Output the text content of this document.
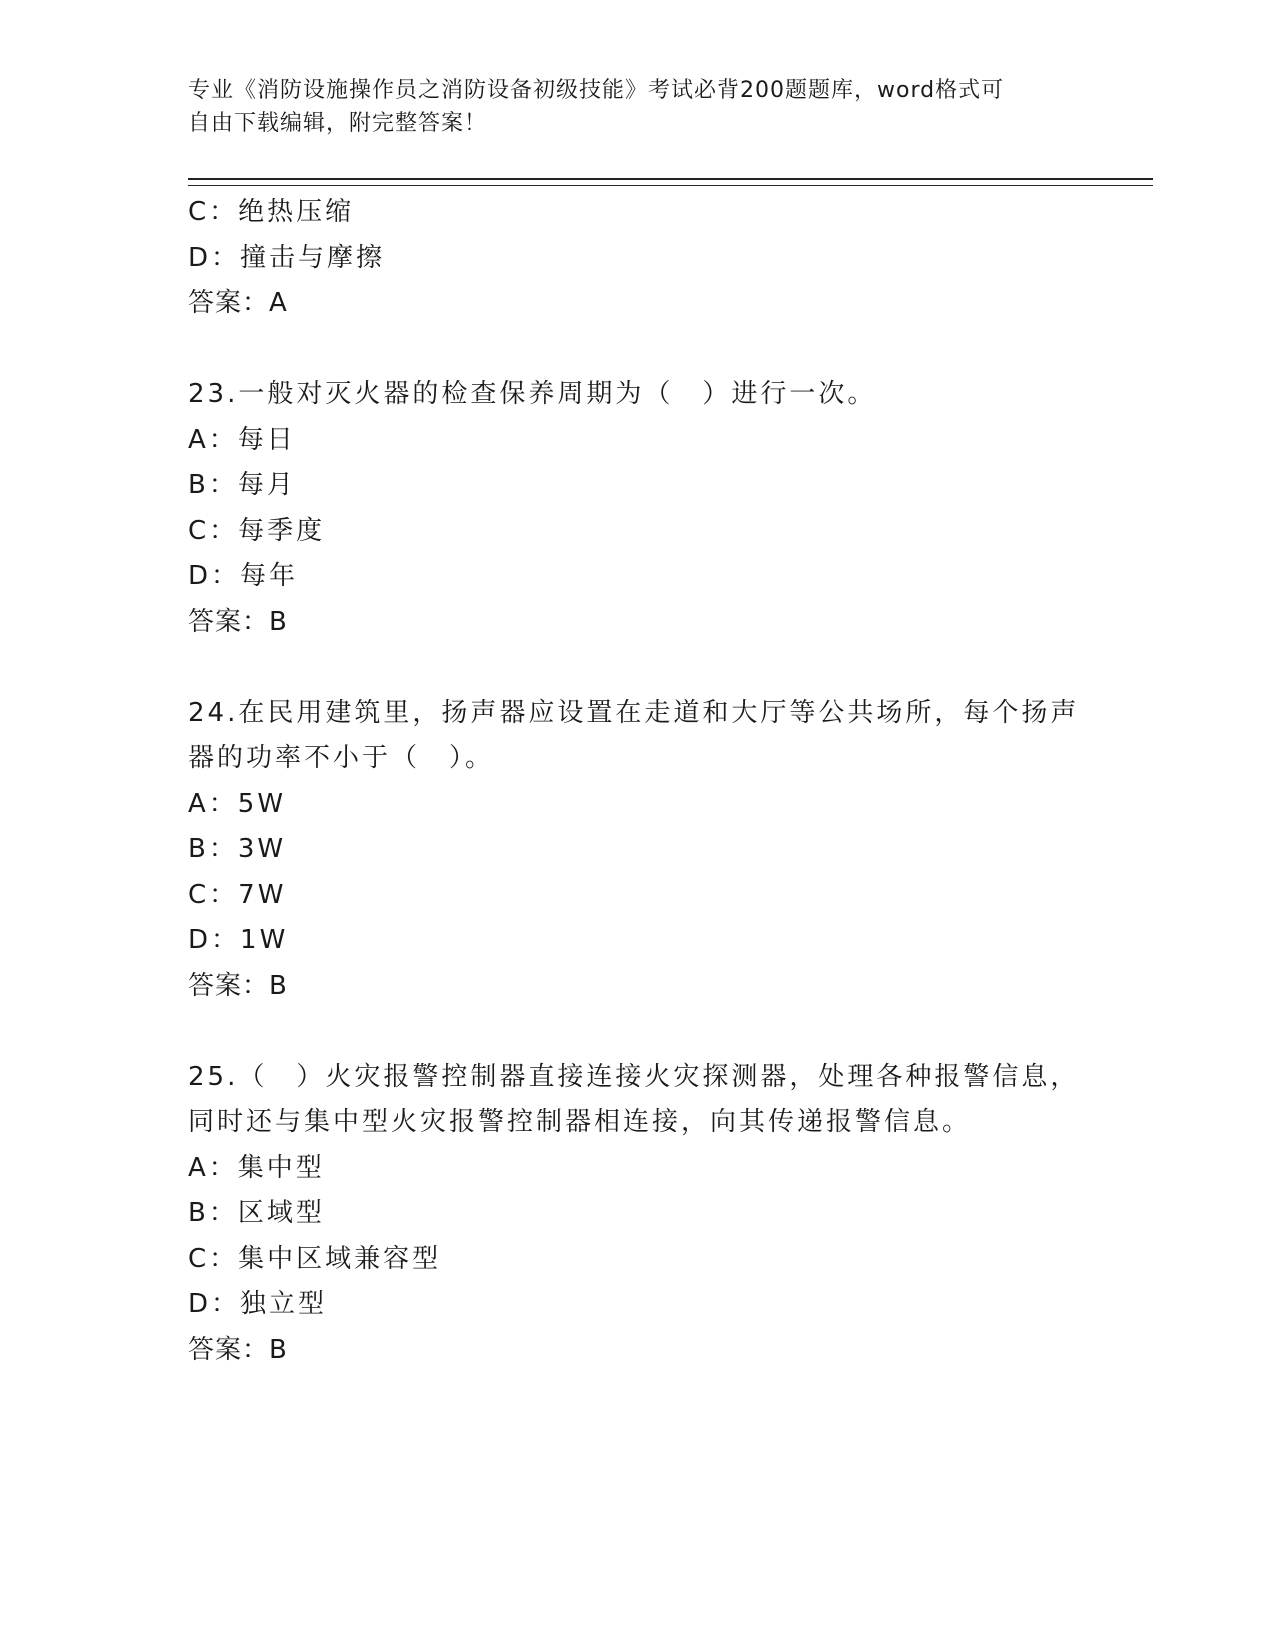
专业《消防设施操作员之消防设备初级技能》考试必背200题题库，word格式可
自由下载编辑，附完整答案！
C：绝热压缩
D：撞击与摩擦
答案：A
23.一般对灭火器的检查保养周期为（　）进行一次。
A：每日
B：每月
C：每季度
D：每年
答案：B
24.在民用建筑里，扬声器应设置在走道和大厅等公共场所，每个扬声
器的功率不小于（　）。
A：5W
B：3W
C：7W
D：1W
答案：B
25.（　）火灾报警控制器直接连接火灾探测器，处理各种报警信息，
同时还与集中型火灾报警控制器相连接，向其传递报警信息。
A：集中型
B：区域型
C：集中区域兼容型
D：独立型
答案：B
